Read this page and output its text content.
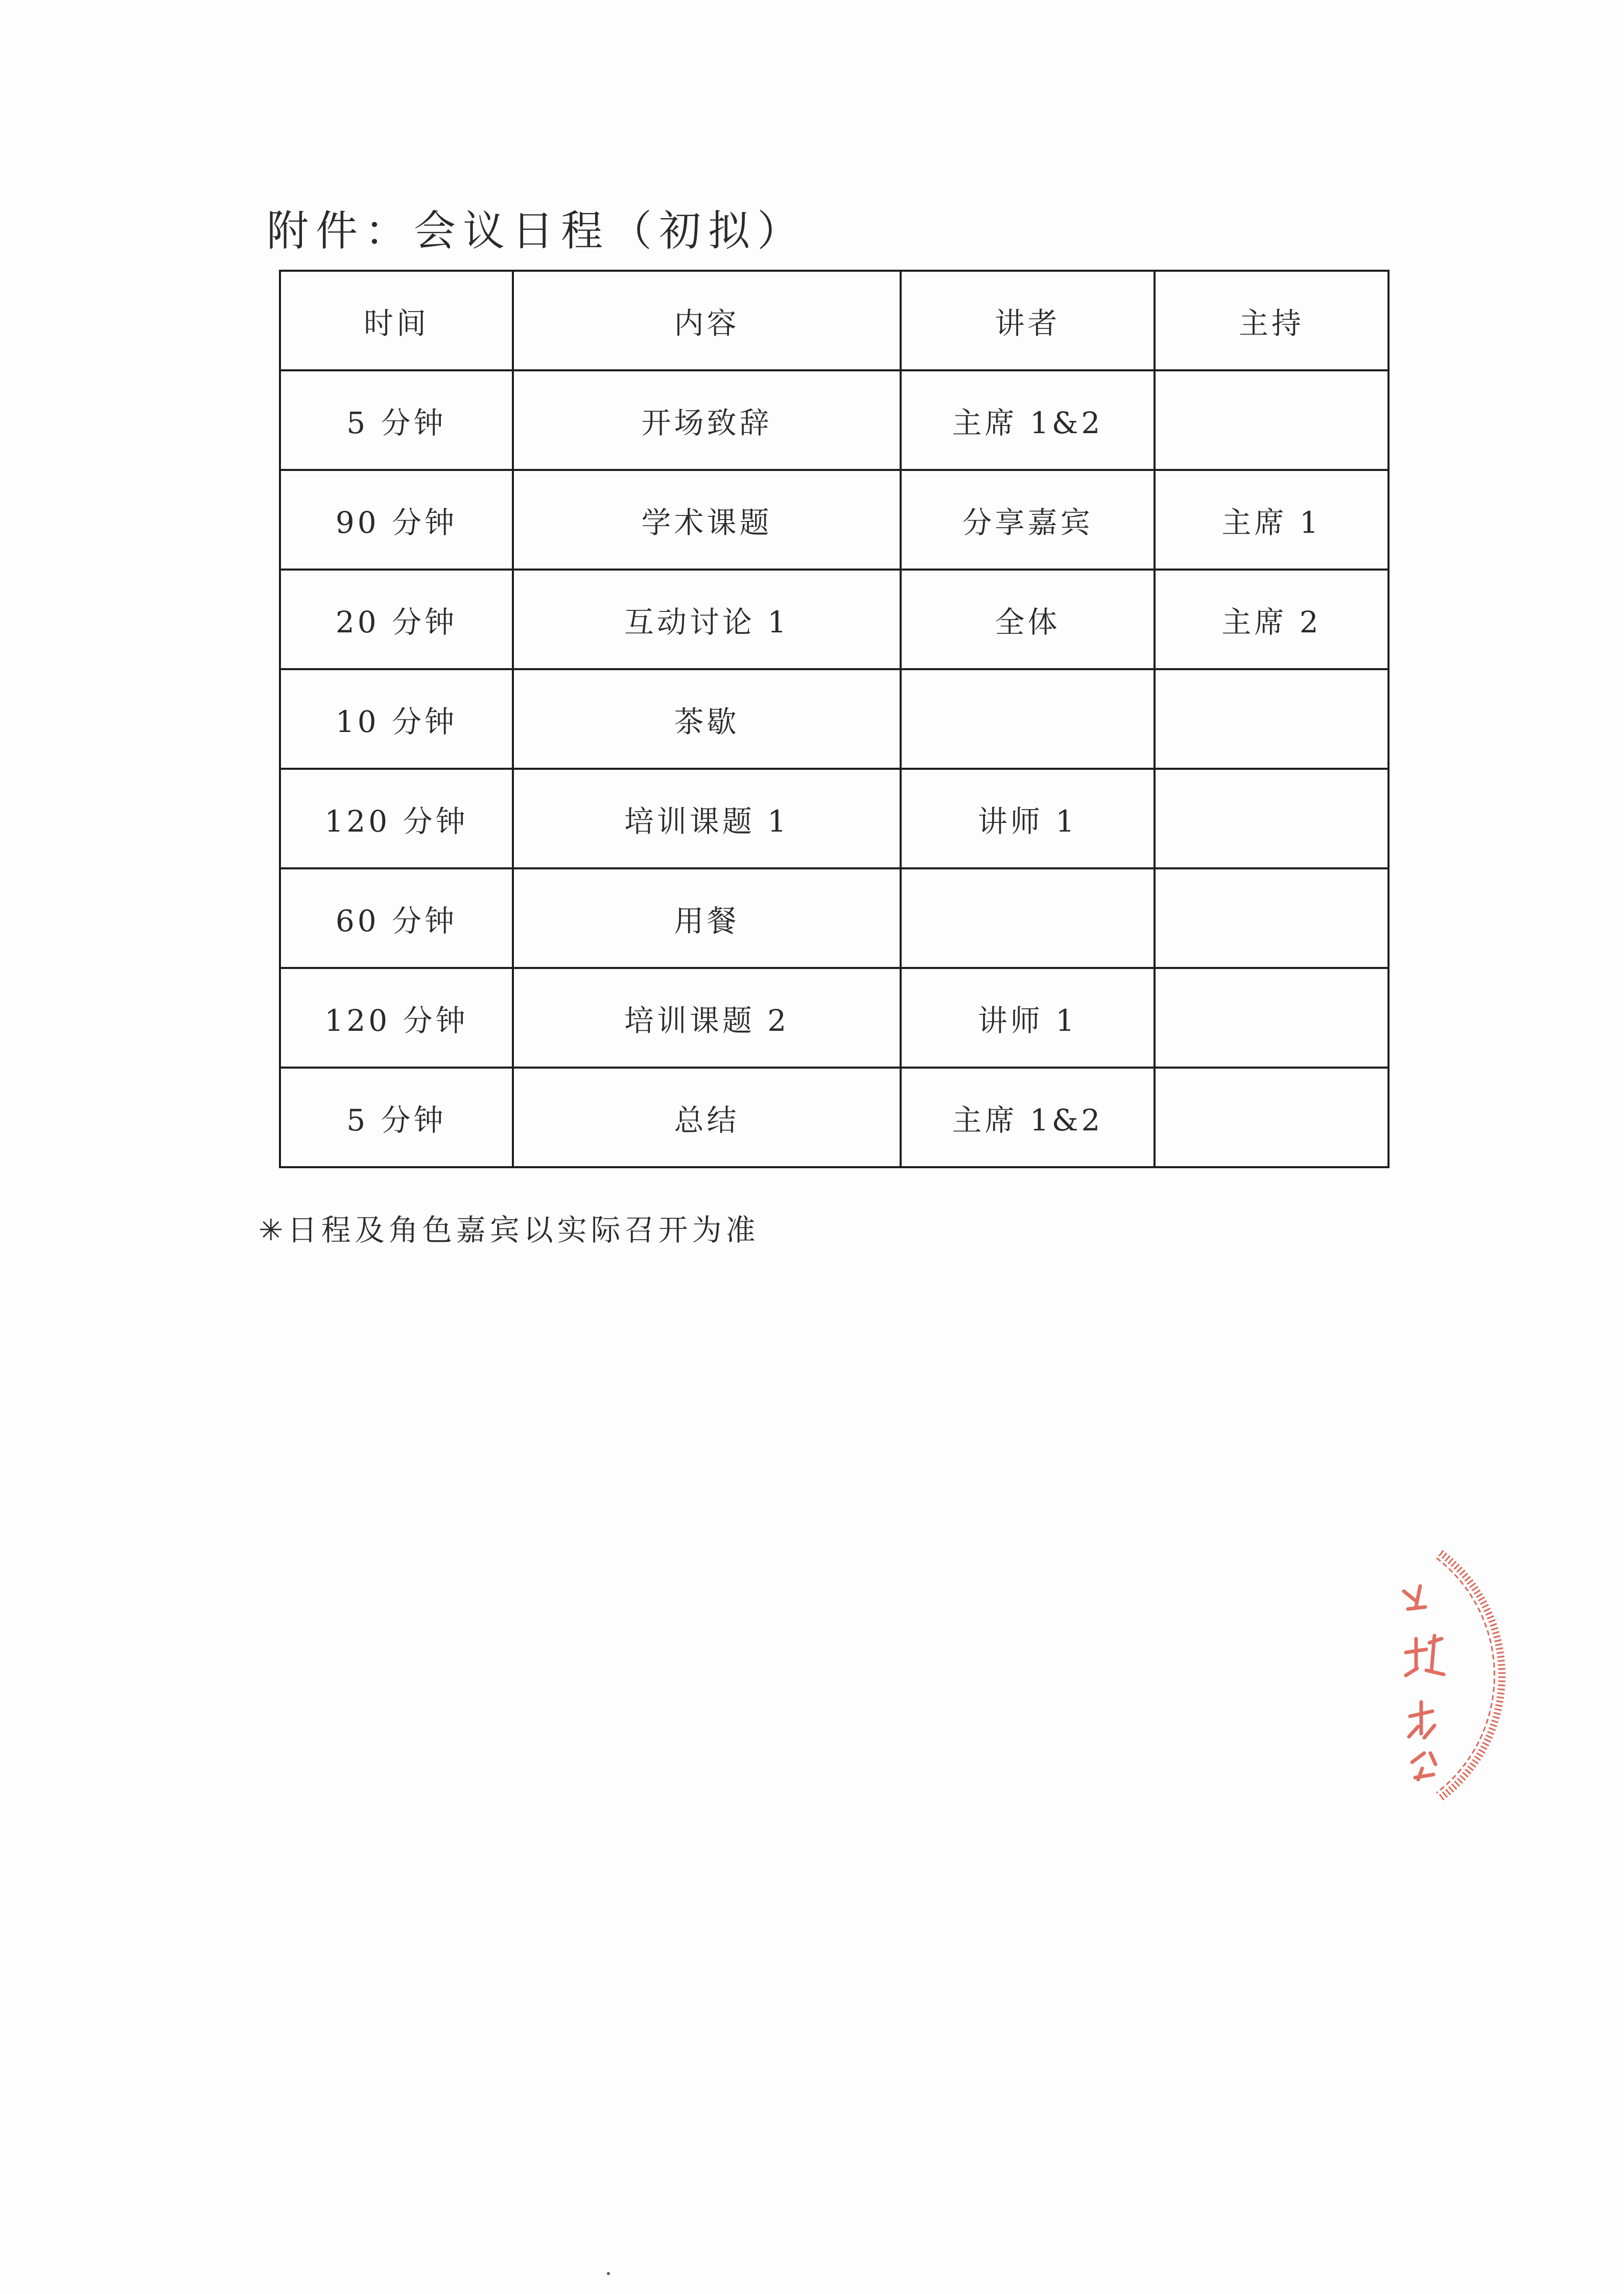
附件：会议日程（初拟）
时间	内容	讲者	主持
5 分钟	开场致辞	主席 1&2	
90 分钟	学术课题	分享嘉宾	主席 1
20 分钟	互动讨论 1	全体	主席 2
10 分钟	茶歇		
120 分钟	培训课题 1	讲师 1	
60 分钟	用餐		
120 分钟	培训课题 2	讲师 1	
5 分钟	总结	主席 1&2	

✳日程及角色嘉宾以实际召开为准
